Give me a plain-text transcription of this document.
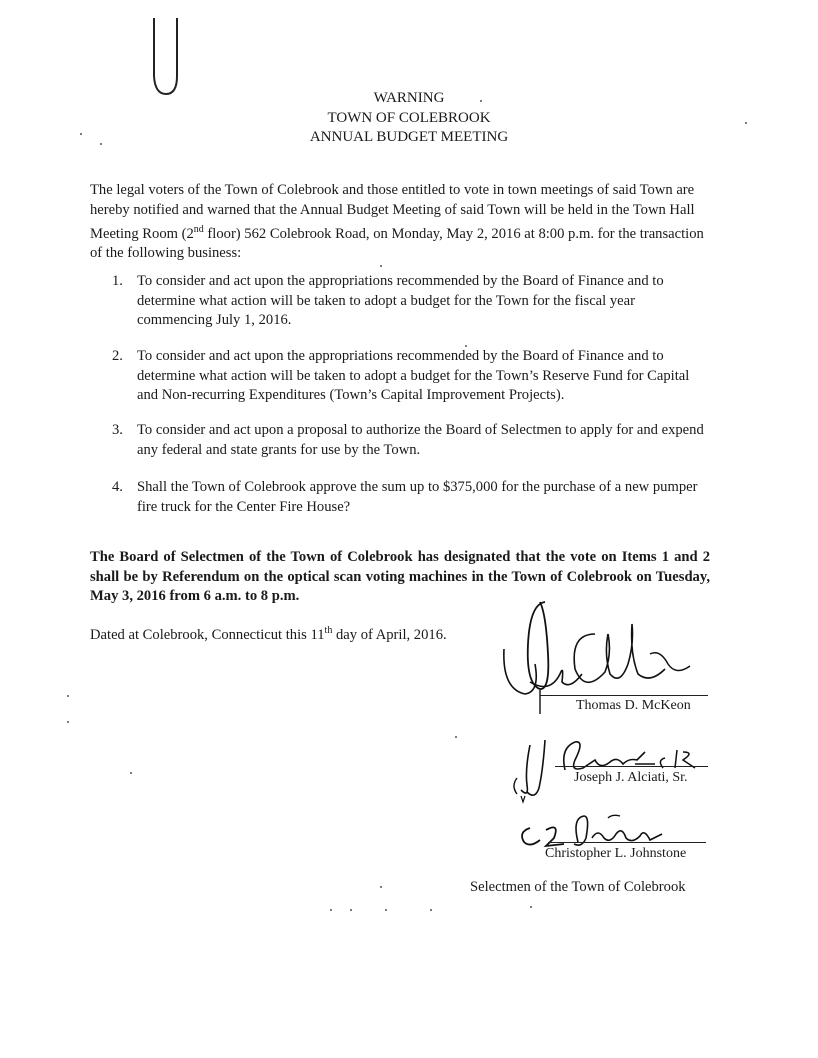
WARNING
TOWN OF COLEBROOK
ANNUAL BUDGET MEETING
The legal voters of the Town of Colebrook and those entitled to vote in town meetings of said Town are hereby notified and warned that the Annual Budget Meeting of said Town will be held in the Town Hall Meeting Room (2nd floor) 562 Colebrook Road, on Monday, May 2, 2016 at 8:00 p.m. for the transaction of the following business:
1. To consider and act upon the appropriations recommended by the Board of Finance and to determine what action will be taken to adopt a budget for the Town for the fiscal year commencing July 1, 2016.
2. To consider and act upon the appropriations recommended by the Board of Finance and to determine what action will be taken to adopt a budget for the Town’s Reserve Fund for Capital and Non-recurring Expenditures (Town’s Capital Improvement Projects).
3. To consider and act upon a proposal to authorize the Board of Selectmen to apply for and expend any federal and state grants for use by the Town.
4. Shall the Town of Colebrook approve the sum up to $375,000 for the purchase of a new pumper fire truck for the Center Fire House?
The Board of Selectmen of the Town of Colebrook has designated that the vote on Items 1 and 2 shall be by Referendum on the optical scan voting machines in the Town of Colebrook on Tuesday, May 3, 2016 from 6 a.m. to 8 p.m.
Dated at Colebrook, Connecticut this 11th day of April, 2016.
Thomas D. McKeon
Joseph J. Alciati, Sr.
Christopher L. Johnstone
Selectmen of the Town of Colebrook
